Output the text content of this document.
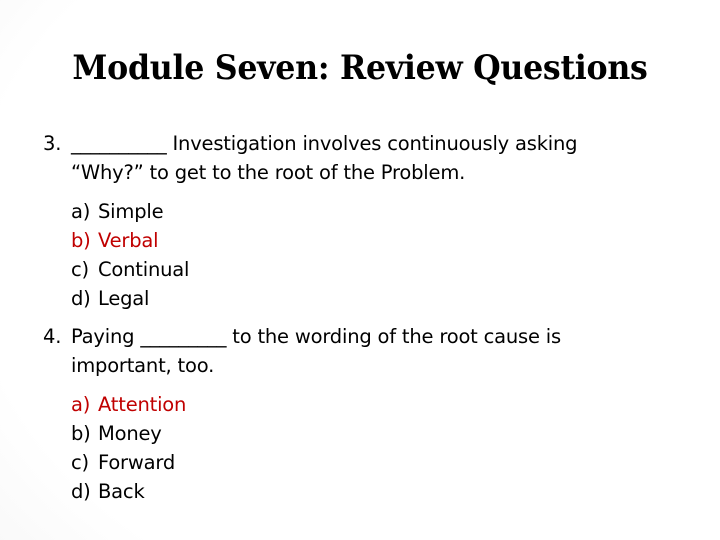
Module Seven: Review Questions
3. __________ Investigation involves continuously asking
“Why?” to get to the root of the Problem.
a) Simple
b) Verbal
c) Continual
d) Legal
4. Paying _________ to the wording of the root cause is
important, too.
a) Attention
b) Money
c) Forward
d) Back
